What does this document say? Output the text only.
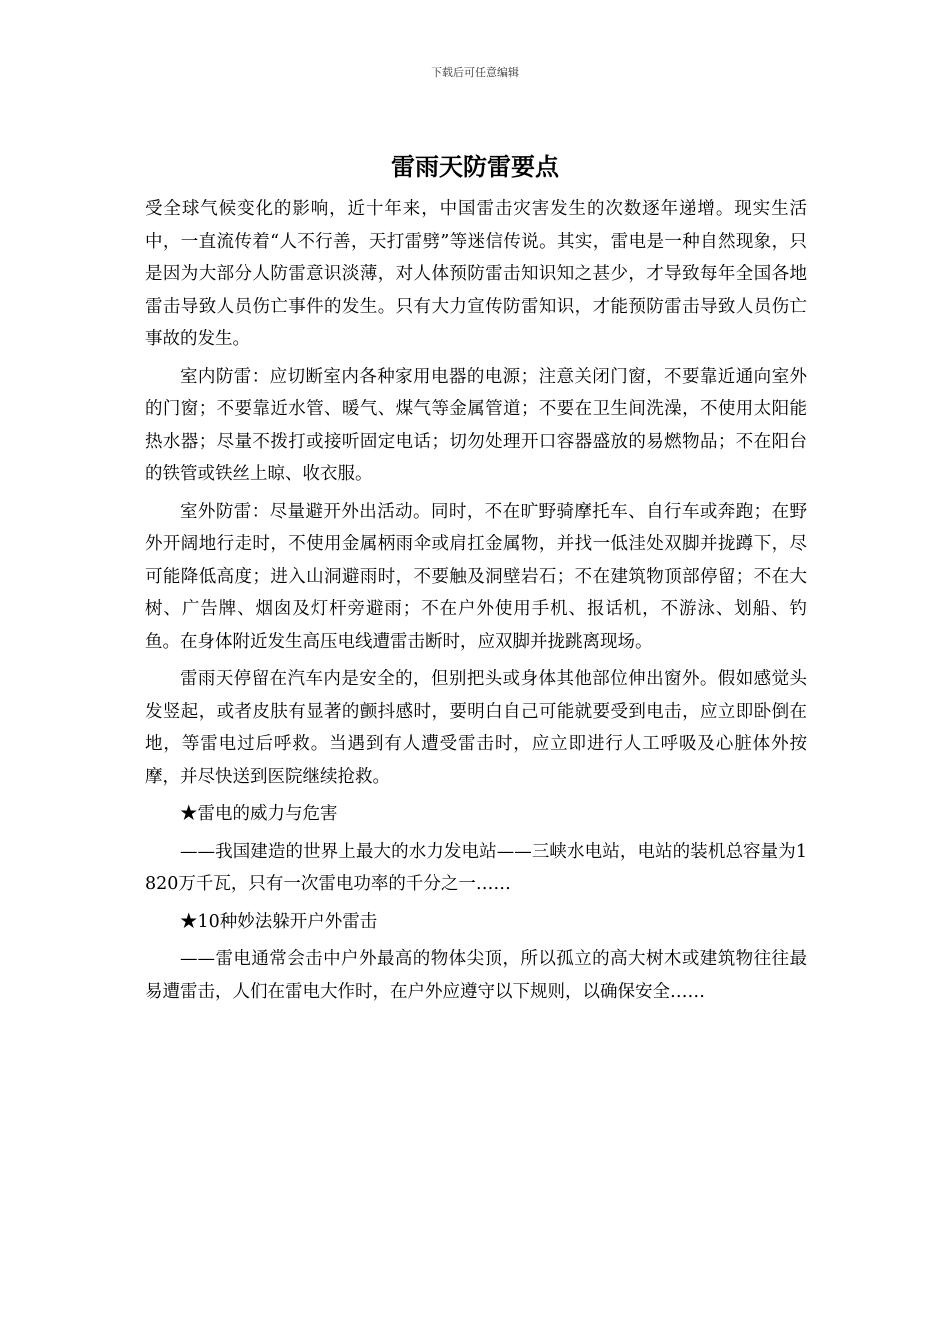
下载后可任意编辑
雷雨天防雷要点

受全球气候变化的影响，近十年来，中国雷击灾害发生的次数逐年递增。现实生活中，一直流传着“人不行善，天打雷劈”等迷信传说。其实，雷电是一种自然现象，只是因为大部分人防雷意识淡薄，对人体预防雷击知识知之甚少，才导致每年全国各地雷击导致人员伤亡事件的发生。只有大力宣传防雷知识，才能预防雷击导致人员伤亡事故的发生。

室内防雷：应切断室内各种家用电器的电源；注意关闭门窗，不要靠近通向室外的门窗；不要靠近水管、暖气、煤气等金属管道；不要在卫生间洗澡，不使用太阳能热水器；尽量不拨打或接听固定电话；切勿处理开口容器盛放的易燃物品；不在阳台的铁管或铁丝上晾、收衣服。

室外防雷：尽量避开外出活动。同时，不在旷野骑摩托车、自行车或奔跑；在野外开阔地行走时，不使用金属柄雨伞或肩扛金属物，并找一低洼处双脚并拢蹲下，尽可能降低高度；进入山洞避雨时，不要触及洞壁岩石；不在建筑物顶部停留；不在大树、广告牌、烟囱及灯杆旁避雨；不在户外使用手机、报话机，不游泳、划船、钓鱼。在身体附近发生高压电线遭雷击断时，应双脚并拢跳离现场。

雷雨天停留在汽车内是安全的，但别把头或身体其他部位伸出窗外。假如感觉头发竖起，或者皮肤有显著的颤抖感时，要明白自己可能就要受到电击，应立即卧倒在地，等雷电过后呼救。当遇到有人遭受雷击时，应立即进行人工呼吸及心脏体外按摩，并尽快送到医院继续抢救。

★雷电的威力与危害

——我国建造的世界上最大的水力发电站——三峡水电站，电站的装机总容量为1820万千瓦，只有一次雷电功率的千分之一……

★10种妙法躲开户外雷击

——雷电通常会击中户外最高的物体尖顶，所以孤立的高大树木或建筑物往往最易遭雷击，人们在雷电大作时，在户外应遵守以下规则，以确保安全……
